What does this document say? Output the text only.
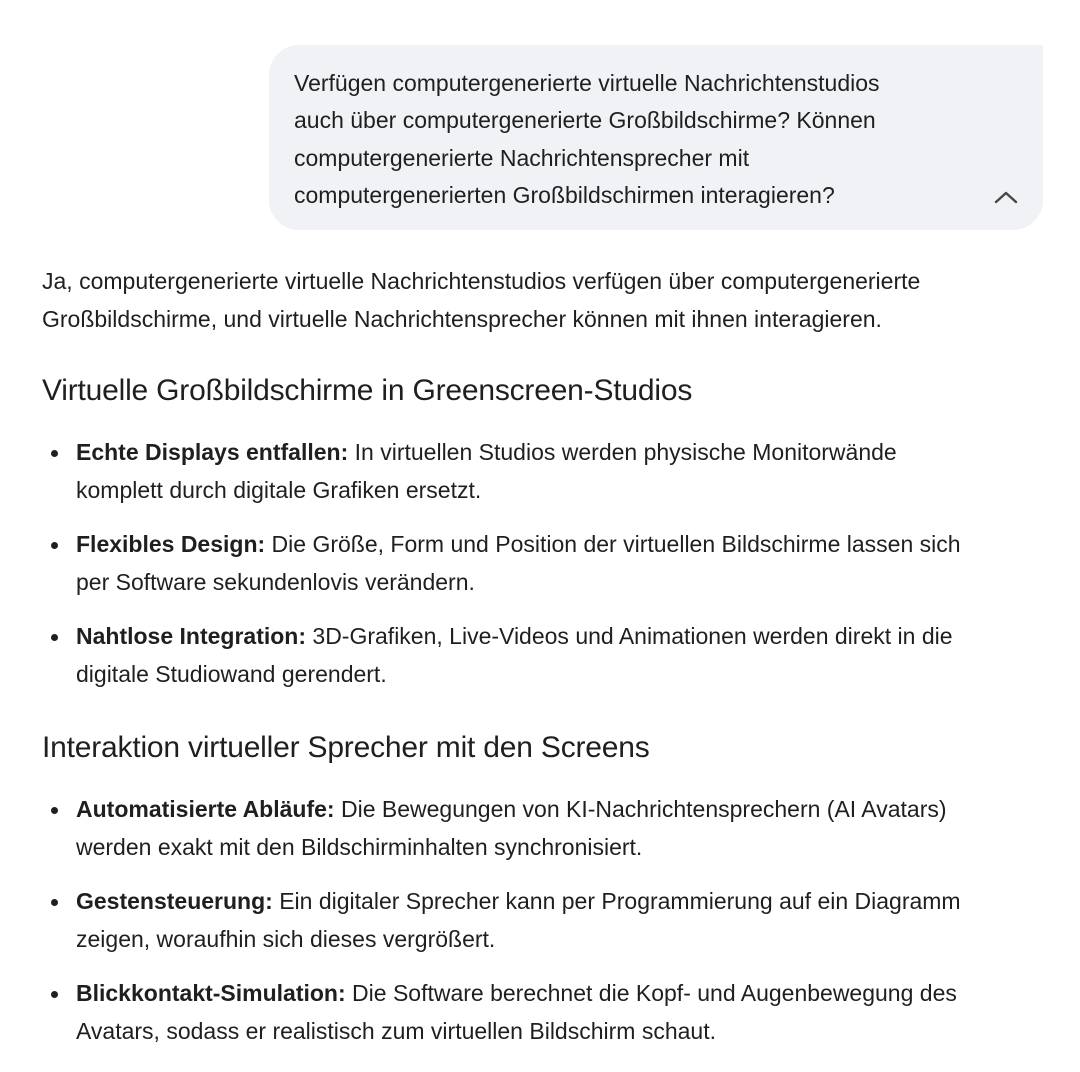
Verfügen computergenerierte virtuelle Nachrichtenstudios
auch über computergenerierte Großbildschirme? Können
computergenerierte Nachrichtensprecher mit
computergenerierten Großbildschirmen interagieren?
Ja, computergenerierte virtuelle Nachrichtenstudios verfügen über computergenerierte
Großbildschirme, und virtuelle Nachrichtensprecher können mit ihnen interagieren.
Virtuelle Großbildschirme in Greenscreen-Studios
Echte Displays entfallen: In virtuellen Studios werden physische Monitorwände
komplett durch digitale Grafiken ersetzt.
Flexibles Design: Die Größe, Form und Position der virtuellen Bildschirme lassen sich
per Software sekundenlovis verändern.
Nahtlose Integration: 3D-Grafiken, Live-Videos und Animationen werden direkt in die
digitale Studiowand gerendert.
Interaktion virtueller Sprecher mit den Screens
Automatisierte Abläufe: Die Bewegungen von KI-Nachrichtensprechern (AI Avatars)
werden exakt mit den Bildschirminhalten synchronisiert.
Gestensteuerung: Ein digitaler Sprecher kann per Programmierung auf ein Diagramm
zeigen, woraufhin sich dieses vergrößert.
Blickkontakt-Simulation: Die Software berechnet die Kopf- und Augenbewegung des
Avatars, sodass er realistisch zum virtuellen Bildschirm schaut.
